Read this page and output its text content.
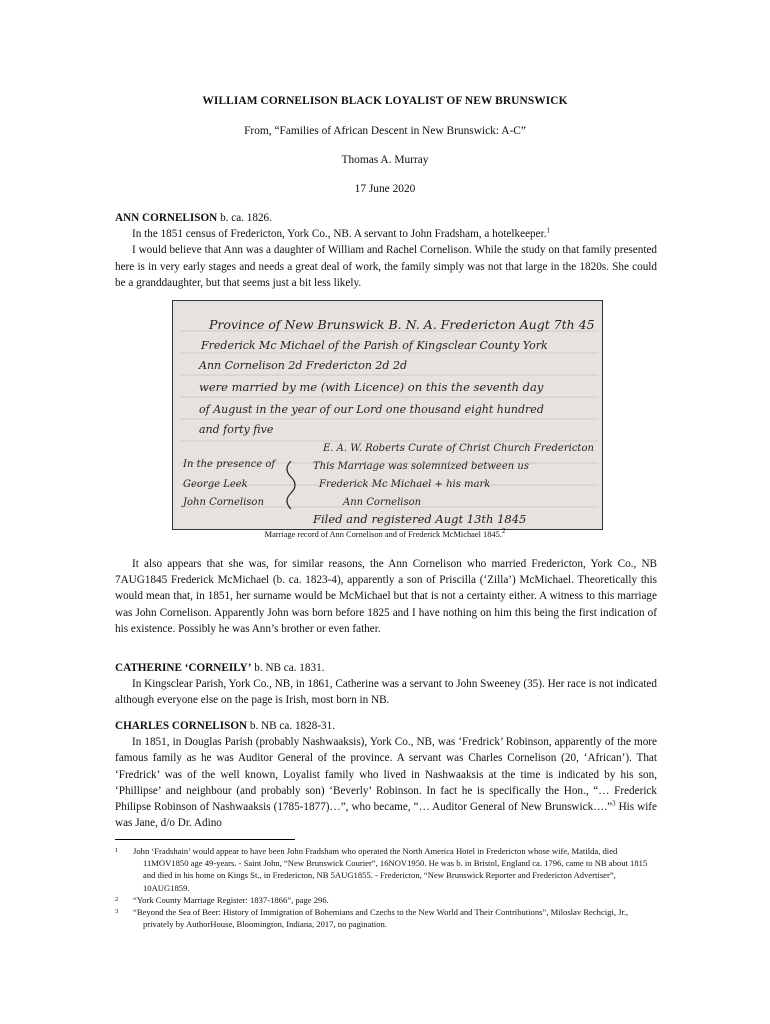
WILLIAM CORNELISON BLACK LOYALIST OF NEW BRUNSWICK
From, “Families of African Descent in New Brunswick: A-C”
Thomas A. Murray
17 June 2020

ANN CORNELISON b. ca. 1826.

In the 1851 census of Fredericton, York Co., NB. A servant to John Fradsham, a hotelkeeper.$^1$

I would believe that Ann was a daughter of William and Rachel Cornelison. While the study on that family presented here is in very early stages and needs a great deal of work, the family simply was not that large in the 1820s. She could be a granddaughter, but that seems just a bit less likely.

Province of New Brunswick B. N. A. Fredericton Augt 7th 45
Frederick Mc Michael of the Parish of Kingsclear County York
Ann Cornelison 2d Fredericton 2d 2d
were married by me (with Licence) on this the seventh day
of August in the year of our Lord one thousand eight hundred
and forty five
E. A. W. Roberts Curate of Christ Church Fredericton
In the presence of	This Marriage was solemnized between us
George Leek	Frederick Mc Michael + his mark
John Cornelison	Ann Cornelison
Filed and registered Augt 13th 1845
Marriage record of Ann Cornelison and of Frederick McMichael 1845.$^2$

It also appears that she was, for similar reasons, the Ann Cornelison who married Fredericton, York Co., NB 7AUG1845 Frederick McMichael (b. ca. 1823-4), apparently a son of Priscilla (‘Zilla’) McMichael. Theoretically this would mean that, in 1851, her surname would be McMichael but that is not a certainty either. A witness to this marriage was John Cornelison. Apparently John was born before 1825 and I have nothing on him this being the first indication of his existence. Possibly he was Ann’s brother or even father.

CATHERINE ‘CORNEILY’ b. NB ca. 1831.

In Kingsclear Parish, York Co., NB, in 1861, Catherine was a servant to John Sweeney (35). Her race is not indicated although everyone else on the page is Irish, most born in NB.

CHARLES CORNELISON b. NB ca. 1828-31.

In 1851, in Douglas Parish (probably Nashwaaksis), York Co., NB, was ‘Fredrick’ Robinson, apparently of the more famous family as he was Auditor General of the province. A servant was Charles Cornelison (20, ‘African’). That ‘Fredrick’ was of the well known, Loyalist family who lived in Nashwaaksis at the time is indicated by his son, ‘Phillipse’ and neighbour (and probably son) ‘Beverly’ Robinson. In fact he is specifically the Hon., “… Frederick Philipse Robinson of Nashwaaksis (1785-1877)…”, who became, “… Auditor General of New Brunswick….”$^3$ His wife was Jane, d/o Dr. Adino

1	John ‘Fradshain’ would appear to have been John Fradsham who operated the North America Hotel in Fredericton whose wife, Matilda, died 11MOV1850 age 49-years. - Saint John, “New Brunswick Courier”, 16NOV1950. He was b. in Bristol, England ca. 1796, came to NB about 1815 and died in his home on Kings St., in Fredericton, NB 5AUG1855. - Fredericton, “New Brunswick Reporter and Fredericton Advertiser”, 10AUG1859.
2	“York County Marriage Register: 1837-1866”, page 296.
3	“Beyond the Sea of Beer: History of Immigration of Bohemians and Czechs to the New World and Their Contributions”, Miloslav Rechcigi, Jr., privately by AuthorHouse, Bloomington, Indiana, 2017, no pagination.
